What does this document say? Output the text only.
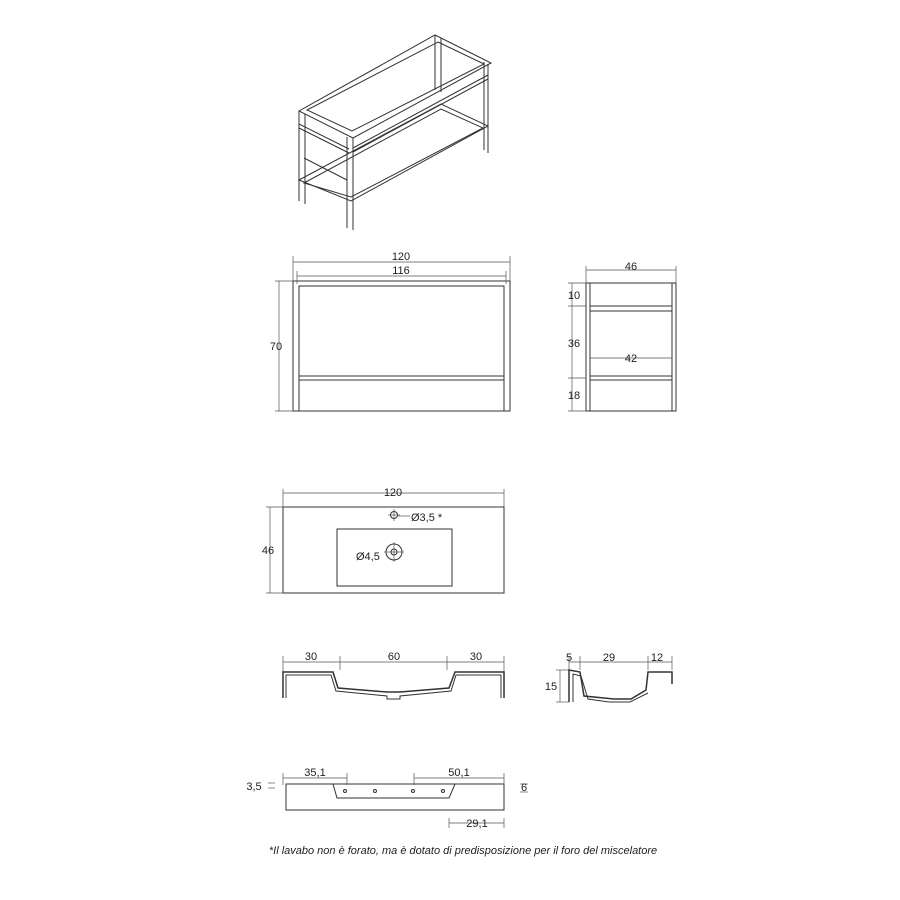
120
116
70
46
42
10
36
18
120
46
Ø3,5 *
Ø4,5
30	60	30	5	29	12
15
35,1	50,1
29,1
3,5	6
*Il lavabo non è forato, ma è dotato di predisposizione per il foro del miscelatore
